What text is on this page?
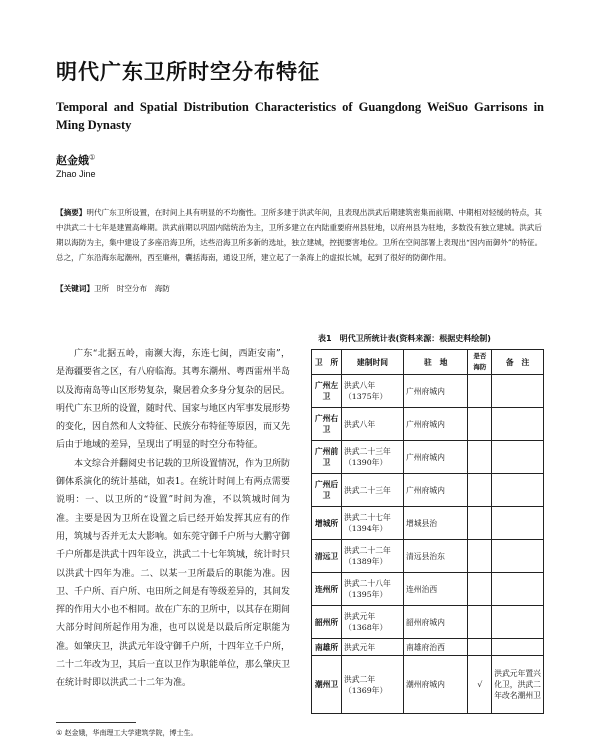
明代广东卫所时空分布特征
Temporal and Spatial Distribution Characteristics of Guangdong WeiSuo Garrisons in Ming Dynasty
赵金娥①
Zhao Jine
【摘要】明代广东卫所设置，在时间上具有明显的不均衡性。卫所多建于洪武年间，且表现出洪武后期建筑密集而前期、中期相对轻缓的特点，其中洪武二十七年是建置高峰期。洪武前期以巩固内陆统治为主，卫所多建立在内陆重要府州县驻地，以府州县为驻地，多数没有独立建城。洪武后期以海防为主，集中建设了多座沿海卫所，达些沿海卫所多新的选址，独立建城，控扼要害地位。卫所在空间部署上表现出“因内而御外”的特征。总之，广东沿海东起潮州，西至廉州，囊括海南，通设卫所，建立起了一条海上的虚拟长城，起到了很好的防御作用。
【关键词】卫所　时空分布　海防

广东“北据五岭，南濒大海，东连七闽，西距安南”，是海疆要省之区，有八府临海。其粤东潮州、粤西雷州半岛以及海南岛等山区形势复杂，聚居着众多身分复杂的居民。明代广东卫所的设置，随时代、国家与地区内军事发展形势的变化，因自然和人文特征、民族分布特征等原因，而又先后由于地域的差异，呈现出了明显的时空分布特征。

本文综合并翻阅史书记载的卫所设置情况，作为卫所防御体系演化的统计基础，如表1。在统计时间上有两点需要说明：一、以卫所的“设置”时间为准，不以筑城时间为准。主要是因为卫所在设置之后已经开始发挥其应有的作用，筑城与否并无太大影响。如东莞守御千户所与大鹏守御千户所都是洪武十四年设立，洪武二十七年筑城，统计时只以洪武十四年为准。二、以某一卫所最后的职能为准。因卫、千户所、百户所、屯田所之间是有等级差异的，其间发挥的作用大小也不相同。故在广东的卫所中，以其存在期间大部分时间所起作用为准，也可以说是以最后所定职能为准。如肇庆卫，洪武元年设守御千户所，十四年立千户所，二十二年改为卫，其后一直以卫作为职能单位，那么肇庆卫在统计时即以洪武二十二年为准。

表1　明代卫所统计表(资料来源：根据史料绘制)
卫　所	建制时间	驻　地	是否海防	备　注
广州左卫	洪武八年（1375年）	广州府城内		
广州右卫	洪武八年	广州府城内		
广州前卫	洪武二十三年（1390年）	广州府城内		
广州后卫	洪武二十三年	广州府城内		
增城所	洪武二十七年（1394年）	增城县治		
清远卫	洪武二十二年（1389年）	清远县治东		
连州所	洪武二十八年（1395年）	连州治西		
韶州所	洪武元年（1368年）	韶州府城内		
南雄所	洪武元年	南雄府治西		
潮州卫	洪武二年（1369年）	潮州府城内	√	洪武元年置兴化卫，洪武二年改名潮州卫
① 赵金娥，华南理工大学建筑学院，博士生。
